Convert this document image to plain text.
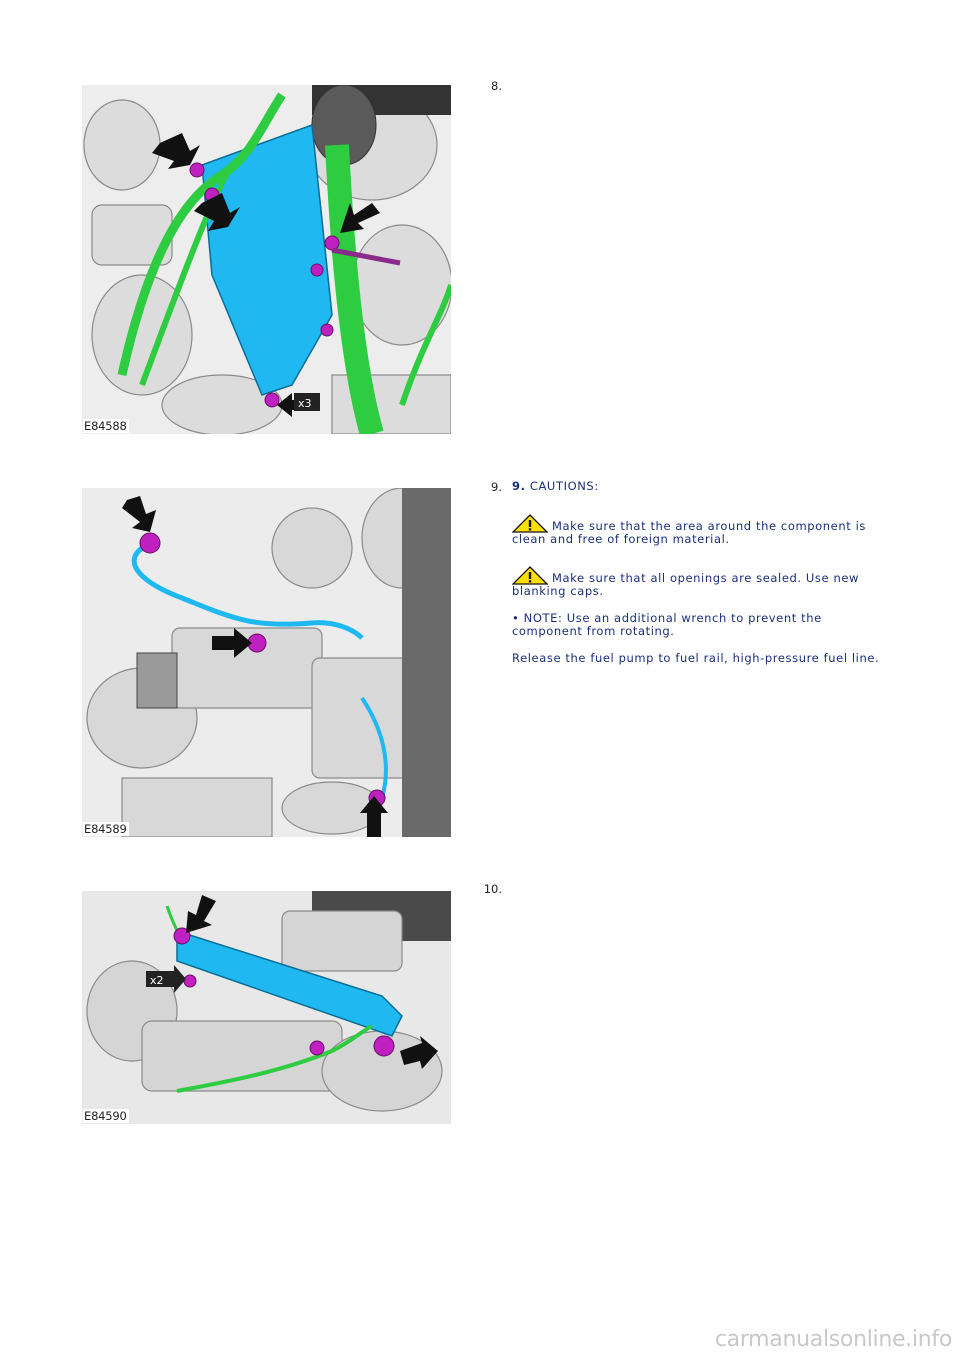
8.
x3
E84588
9.
E84589

9. CAUTIONS:

Make sure that the area around the component is clean and free of foreign material.

Make sure that all openings are sealed. Use new blanking caps.

• NOTE: Use an additional wrench to prevent the component from rotating.

Release the fuel pump to fuel rail, high-pressure fuel line.

10.
x2
E84590
carmanualsonline.info
